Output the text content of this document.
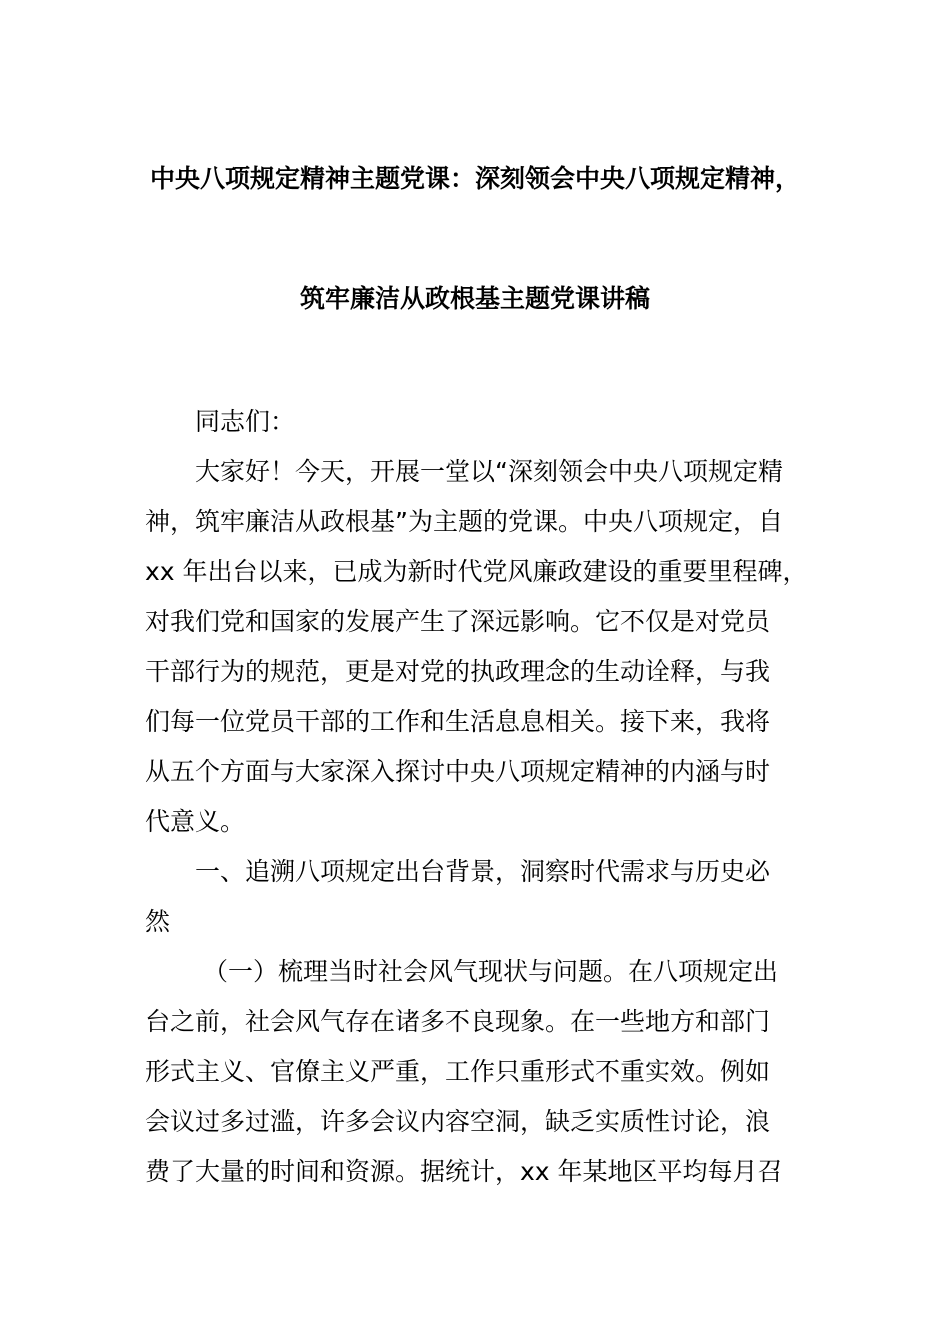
中央八项规定精神主题党课：深刻领会中央八项规定精神，
筑牢廉洁从政根基主题党课讲稿
同志们：
大家好！今天，开展一堂以“深刻领会中央八项规定精
神，筑牢廉洁从政根基”为主题的党课。中央八项规定，自
xx 年出台以来，已成为新时代党风廉政建设的重要里程碑，
对我们党和国家的发展产生了深远影响。它不仅是对党员
干部行为的规范，更是对党的执政理念的生动诠释，与我
们每一位党员干部的工作和生活息息相关。接下来，我将
从五个方面与大家深入探讨中央八项规定精神的内涵与时
代意义。
一、追溯八项规定出台背景，洞察时代需求与历史必
然
（一）梳理当时社会风气现状与问题。在八项规定出
台之前，社会风气存在诸多不良现象。在一些地方和部门
形式主义、官僚主义严重，工作只重形式不重实效。例如
会议过多过滥，许多会议内容空洞，缺乏实质性讨论，浪
费了大量的时间和资源。据统计，xx 年某地区平均每月召
